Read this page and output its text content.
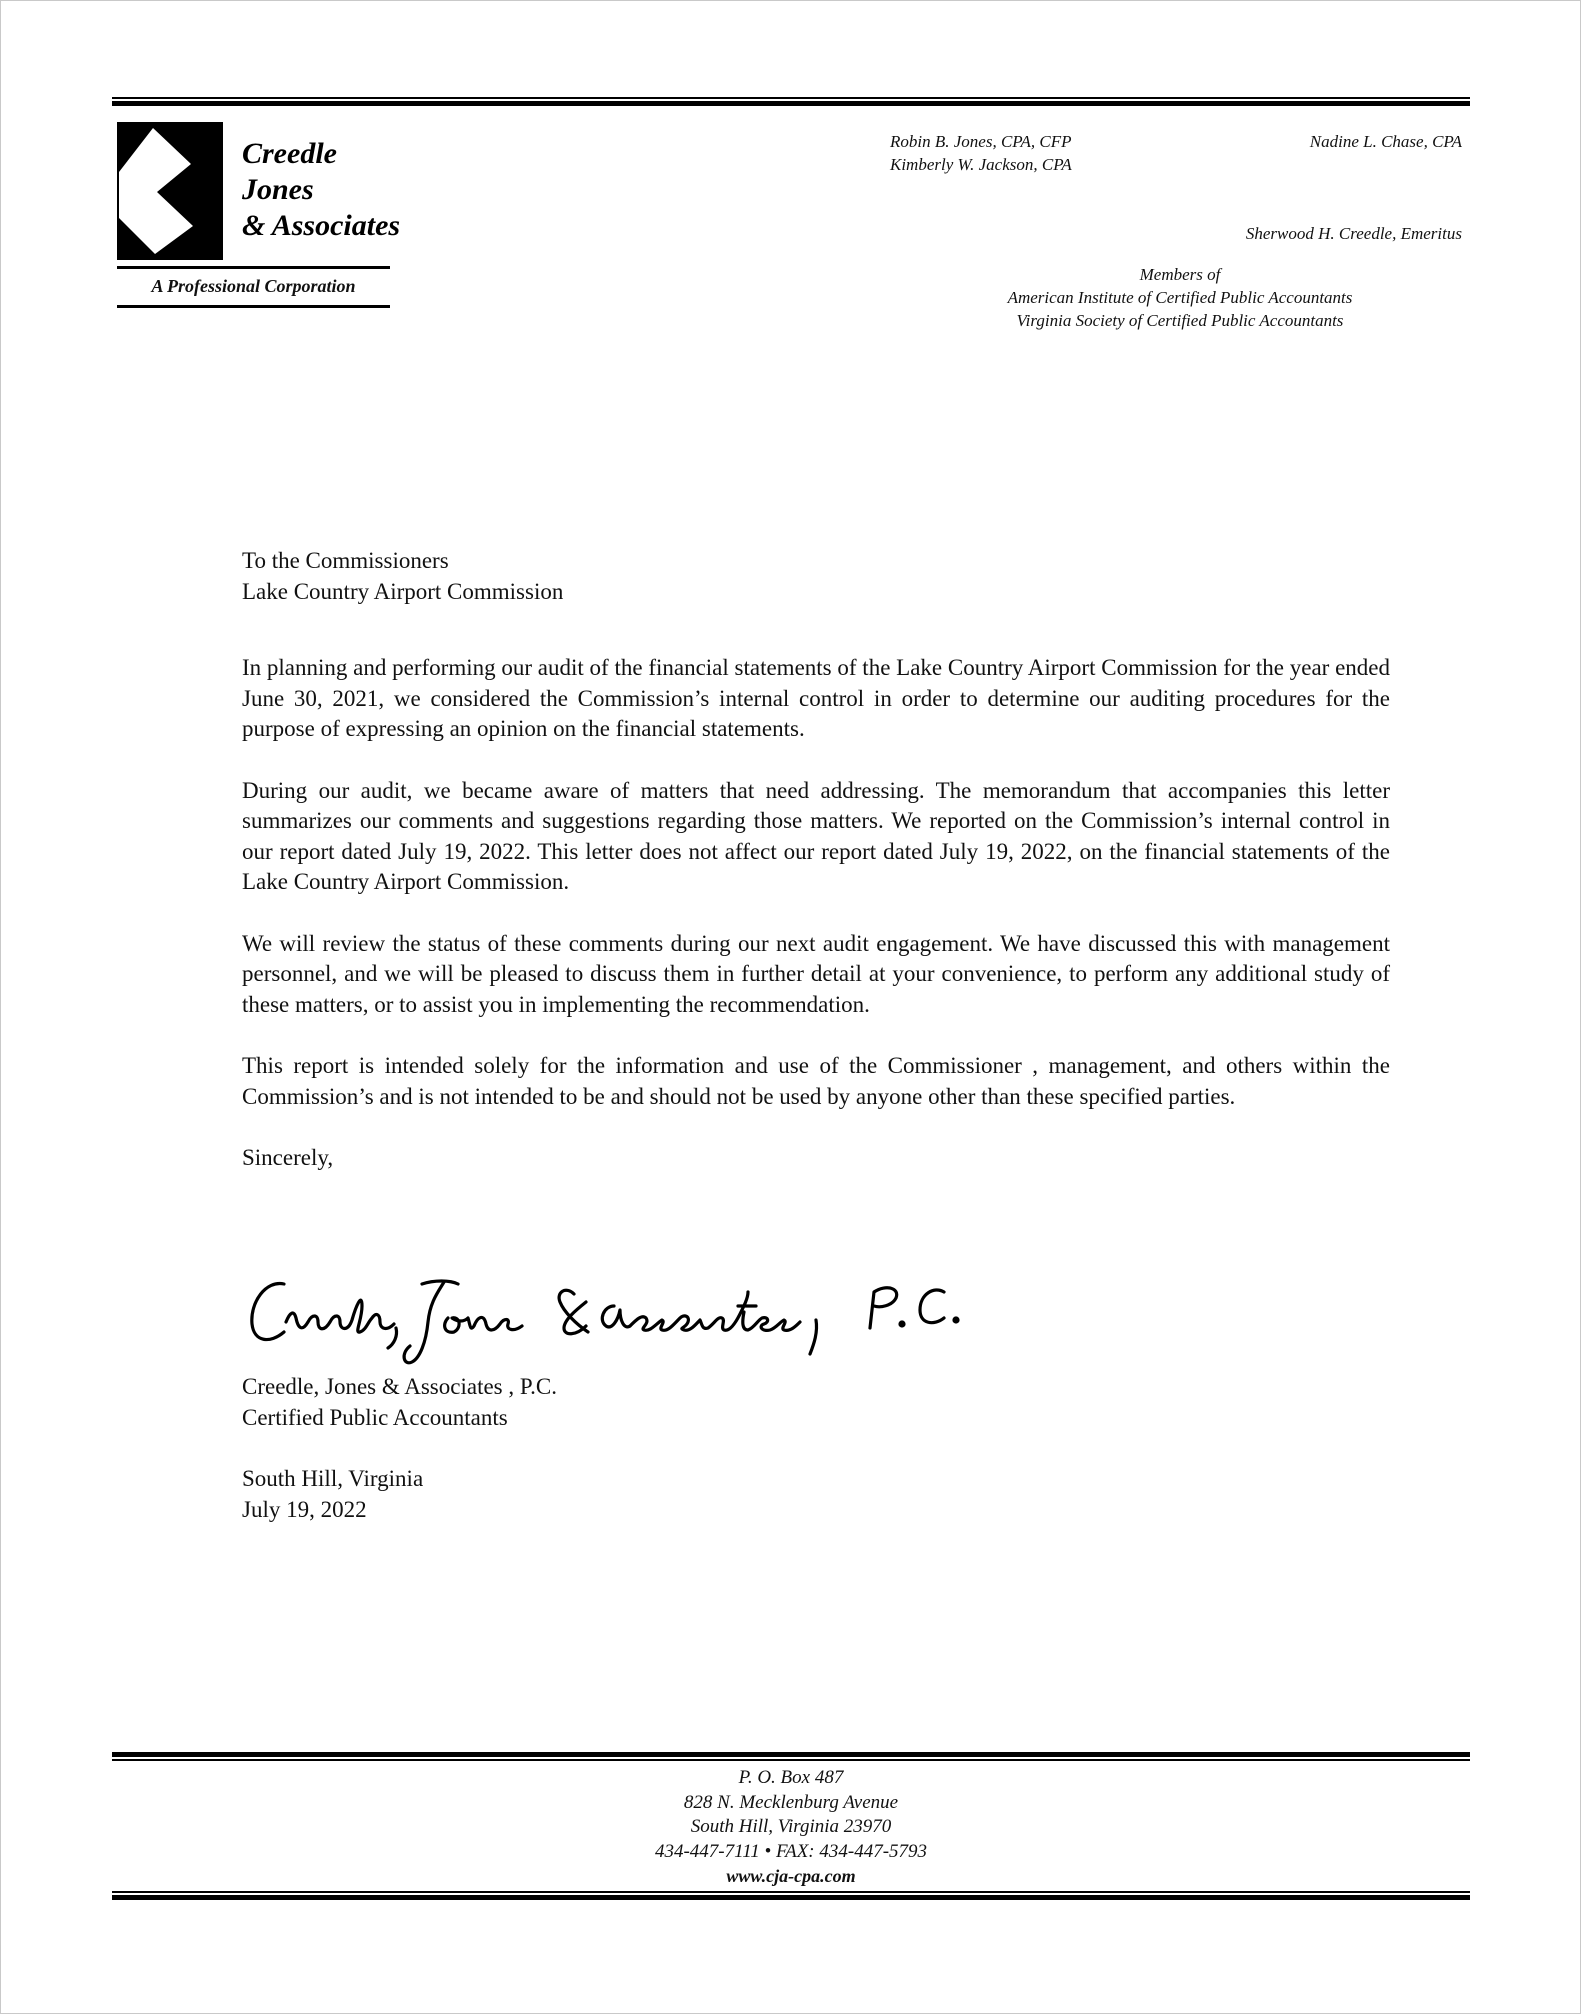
Creedle
Jones
& Associates
A Professional Corporation
Robin B. Jones, CPA, CFP
Kimberly W. Jackson, CPA
Nadine L. Chase, CPA
Sherwood H. Creedle, Emeritus
Members of
American Institute of Certified Public Accountants
Virginia Society of Certified Public Accountants

To the Commissioners

Lake Country Airport Commission

In planning and performing our audit of the financial statements of the Lake Country Airport Commission for the year ended June 30, 2021, we considered the Commission’s internal control in order to determine our auditing procedures for the purpose of expressing an opinion on the financial statements.

During our audit, we became aware of matters that need addressing. The memorandum that accompanies this letter summarizes our comments and suggestions regarding those matters. We reported on the Commission’s internal control in our report dated July 19, 2022. This letter does not affect our report dated July 19, 2022, on the financial statements of the Lake Country Airport Commission.

We will review the status of these comments during our next audit engagement. We have discussed this with management personnel, and we will be pleased to discuss them in further detail at your convenience, to perform any additional study of these matters, or to assist you in implementing the recommendation.

This report is intended solely for the information and use of the Commissioner , management, and others within the Commission’s and is not intended to be and should not be used by anyone other than these specified parties.

Sincerely,

Creedle, Jones & Associates , P.C.
Certified Public Accountants
South Hill, Virginia
July 19, 2022
P. O. Box 487
828 N. Mecklenburg Avenue
South Hill, Virginia 23970
434-447-7111 • FAX: 434-447-5793
www.cja-cpa.com
